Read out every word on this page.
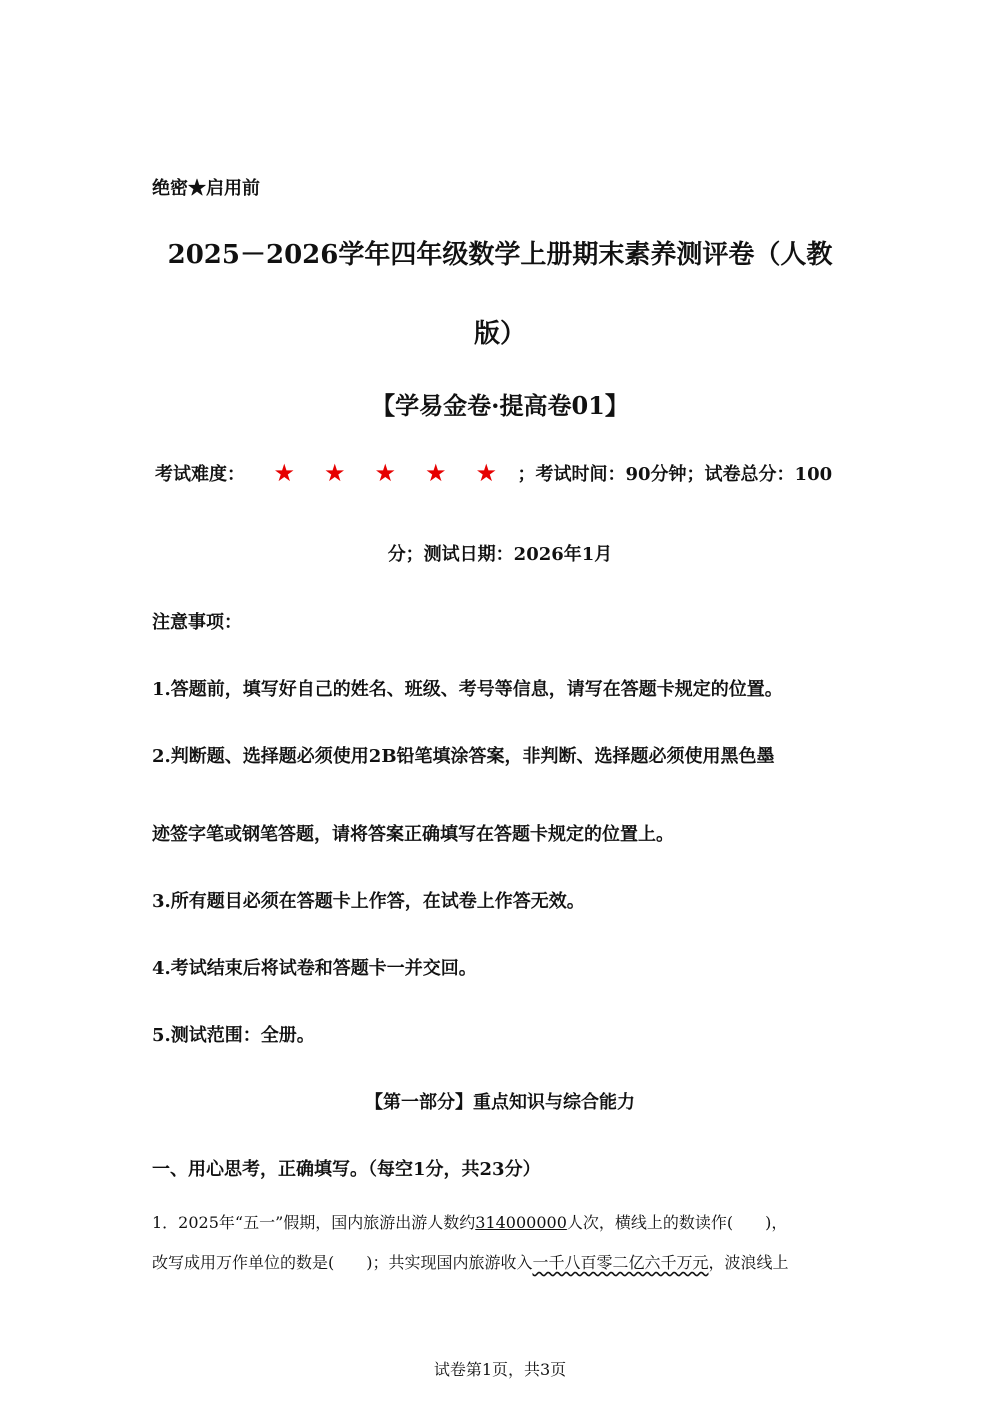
绝密★启用前
2025－2026学年四年级数学上册期末素养测评卷（人教
版）
【学易金卷·提高卷01】
考试难度：	★	★	★	★	★	；考试时间：90分钟；试卷总分：100
分；测试日期：2026年1月
注意事项：
1.答题前，填写好自己的姓名、班级、考号等信息，请写在答题卡规定的位置。
2.判断题、选择题必须使用2B铅笔填涂答案，非判断、选择题必须使用黑色墨
迹签字笔或钢笔答题，请将答案正确填写在答题卡规定的位置上。
3.所有题目必须在答题卡上作答，在试卷上作答无效。
4.考试结束后将试卷和答题卡一并交回。
5.测试范围：全册。
【第一部分】重点知识与综合能力
一、用心思考，正确填写。（每空1分，共23分）
1．2025年“五一”假期，国内旅游出游人数约314000000人次，横线上的数读作(　　)，
改写成用万作单位的数是(　　)；共实现国内旅游收入一千八百零二亿六千万元，波浪线上
试卷第1页，共3页
